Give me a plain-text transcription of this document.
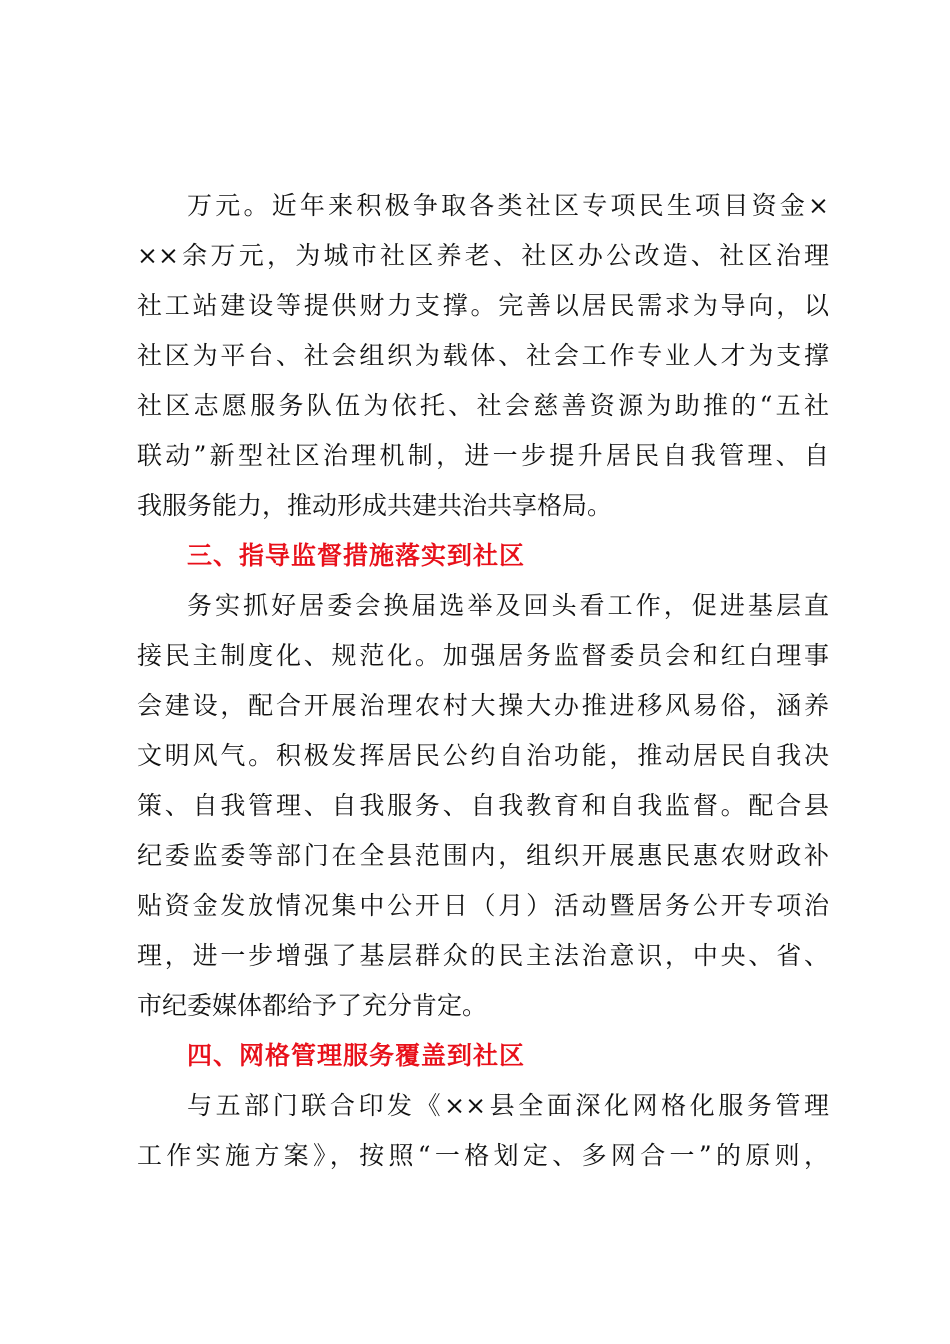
万元。近年来积极争取各类社区专项民生项目资金×
××余万元，为城市社区养老、社区办公改造、社区治理
社工站建设等提供财力支撑。完善以居民需求为导向，以
社区为平台、社会组织为载体、社会工作专业人才为支撑
社区志愿服务队伍为依托、社会慈善资源为助推的“五社
联动”新型社区治理机制，进一步提升居民自我管理、自
我服务能力，推动形成共建共治共享格局。
三、指导监督措施落实到社区
务实抓好居委会换届选举及回头看工作，促进基层直
接民主制度化、规范化。加强居务监督委员会和红白理事
会建设，配合开展治理农村大操大办推进移风易俗，涵养
文明风气。积极发挥居民公约自治功能，推动居民自我决
策、自我管理、自我服务、自我教育和自我监督。配合县
纪委监委等部门在全县范围内，组织开展惠民惠农财政补
贴资金发放情况集中公开日（月）活动暨居务公开专项治
理，进一步增强了基层群众的民主法治意识，中央、省、
市纪委媒体都给予了充分肯定。
四、网格管理服务覆盖到社区
与五部门联合印发《××县全面深化网格化服务管理
工作实施方案》，按照“一格划定、多网合一”的原则，
